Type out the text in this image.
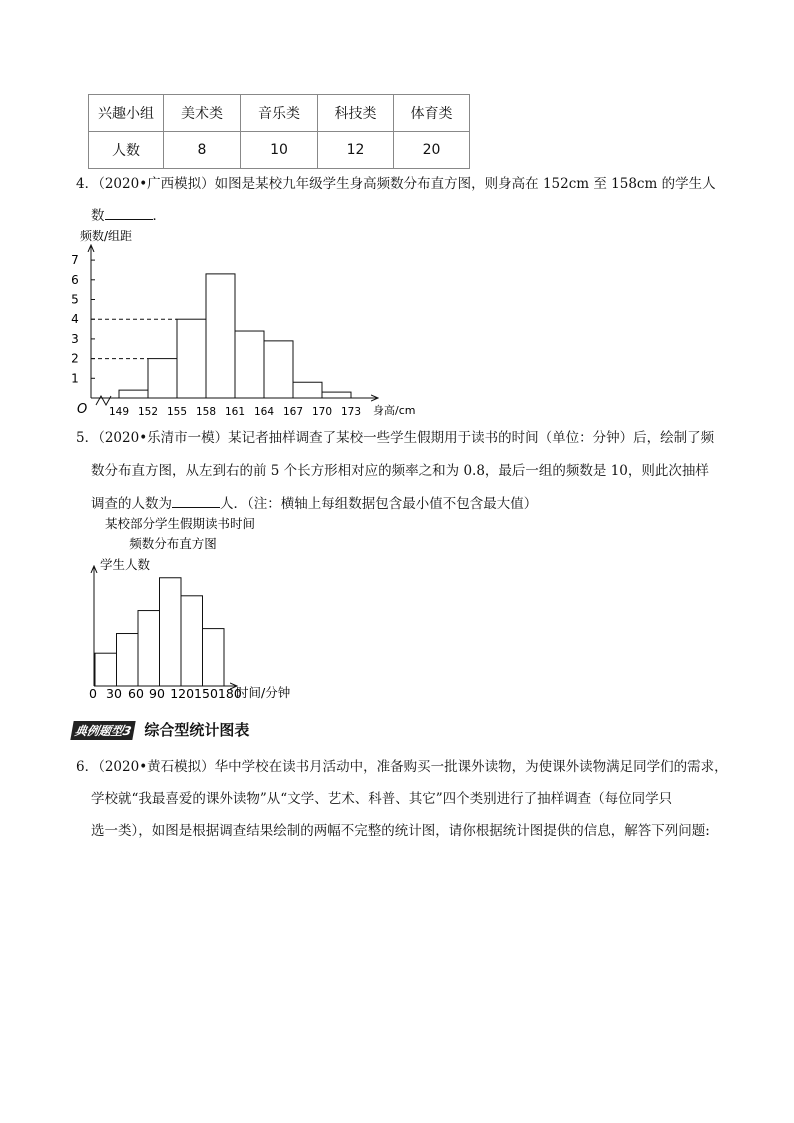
兴趣小组	美术类	音乐类	科技类	体育类
人数	8	10	12	20
4．（2020•广西模拟）如图是某校九年级学生身高频数分布直方图，则身高在 152cm 至 158cm 的学生人
数	．
频数/组距
身高/cm
O
1
2
3
4
5
6
7
149 152 155 158 161 164 167 170 173
某校部分学生假期读书时间
频数分布直方图
学生人数
时间/分钟
0 30 60 90 120150180
5．（2020•乐清市一模）某记者抽样调查了某校一些学生假期用于读书的时间（单位：分钟）后，绘制了频
数分布直方图，从左到右的前 5 个长方形相对应的频率之和为 0.8，最后一组的频数是 10，则此次抽样
调查的人数为	人．（注：横轴上每组数据包含最小值不包含最大值）
典例题型3 综合型统计图表
6．（2020•黄石模拟）华中学校在读书月活动中，准备购买一批课外读物，为使课外读物满足同学们的需求，
学校就“我最喜爱的课外读物”从“文学、艺术、科普、其它”四个类别进行了抽样调查（每位同学只
选一类），如图是根据调查结果绘制的两幅不完整的统计图，请你根据统计图提供的信息，解答下列问题:
